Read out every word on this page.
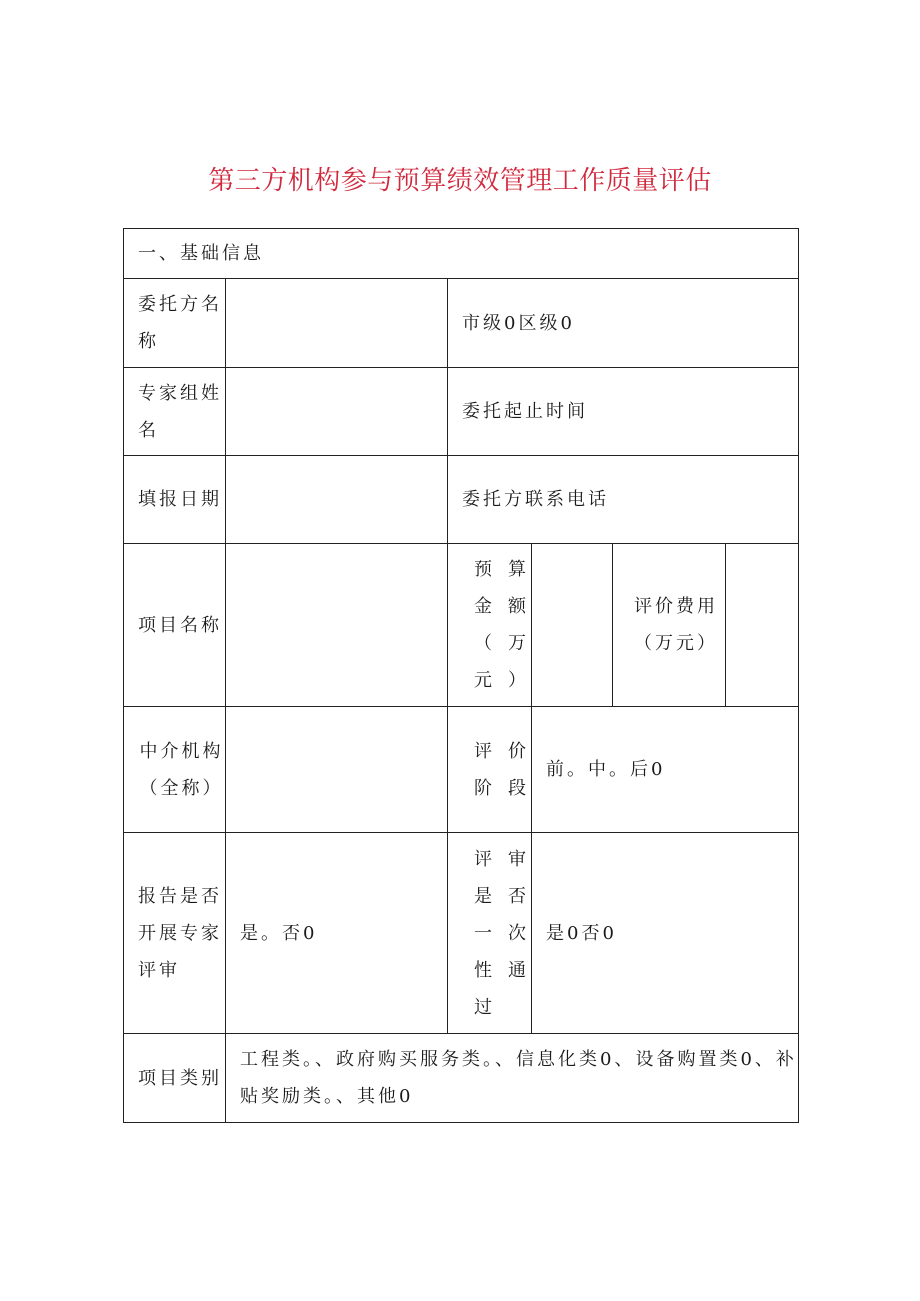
第三方机构参与预算绩效管理工作质量评估
一、基础信息					
委托方名称		市级0区级0			
专家组姓名		委托起止时间			
填报日期		委托方联系电话			
项目名称		预算金额（万元）		评价费用（万元）	
中介机构（全称）		评价阶段	前。中。后0		
报告是否开展专家评审	是。否0	评审是否一次性通过	是0否0		
项目类别	工程类。、政府购买服务类。、信息化类0、设备购置类0、补贴奖励类。、其他0				
